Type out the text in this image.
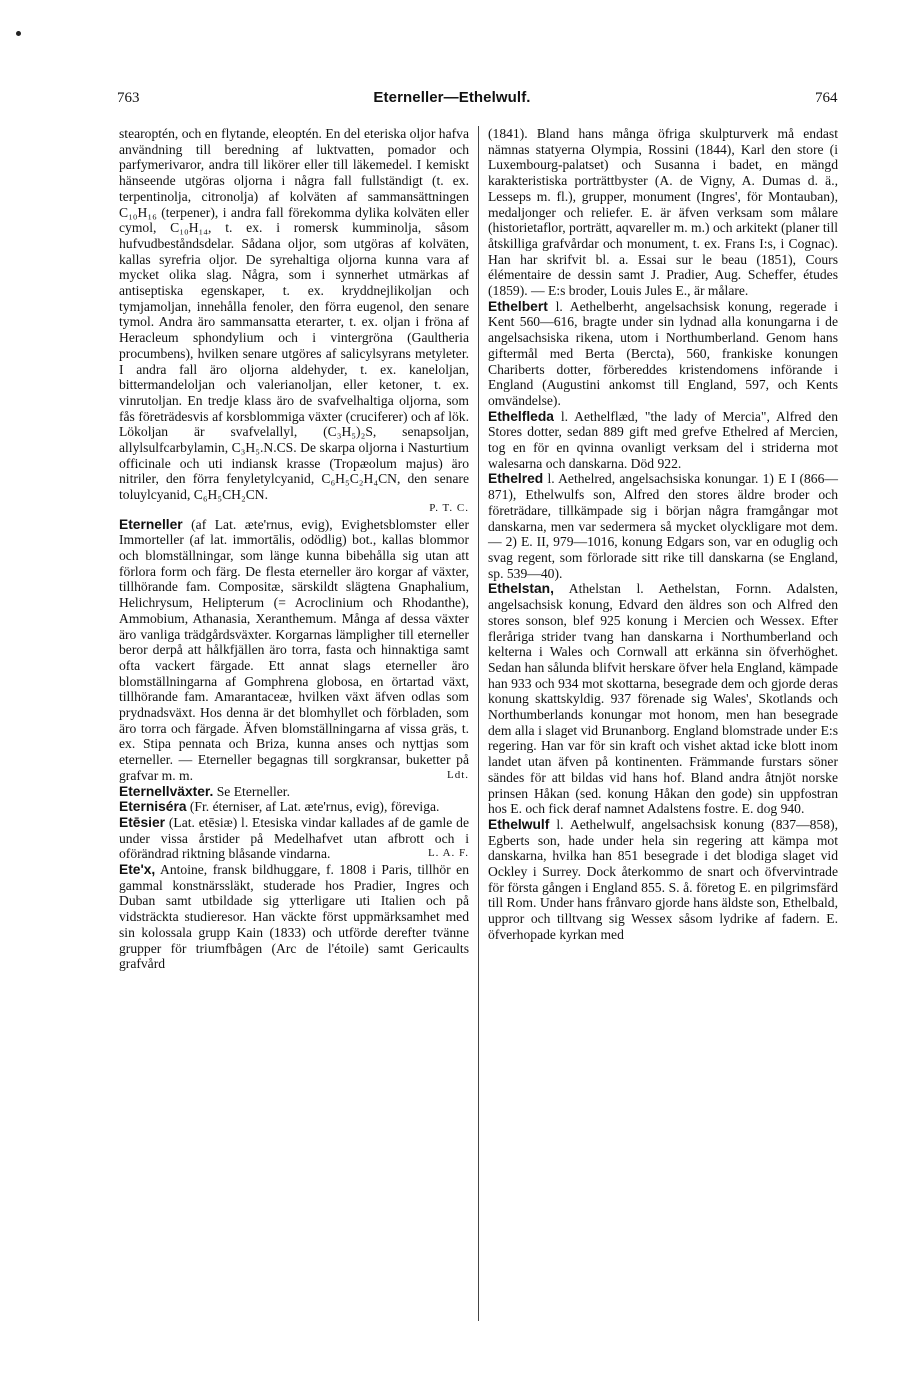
763	Eterneller—Ethelwulf.	764

stearoptén, och en flytande, eleoptén. En del eteriska oljor hafva användning till beredning af luktvatten, pomador och parfymerivaror, andra till likörer eller till läkemedel. I kemiskt hänseende utgöras oljorna i några fall fullständigt (t. ex. terpentinolja, citronolja) af kolväten af sammansättningen C₁₀H₁₆ (terpener), i andra fall förekomma dylika kolväten eller cymol, C₁₀H₁₄, t. ex. i romersk kumminolja, såsom hufvudbeståndsdelar. Sådana oljor, som utgöras af kolväten, kallas syrefria oljor. De syrehaltiga oljorna kunna vara af mycket olika slag. Några, som i synnerhet utmärkas af antiseptiska egenskaper, t. ex. kryddnejlikoljan och tymjamoljan, innehålla fenoler, den förra eugenol, den senare tymol. Andra äro sammansatta eterarter, t. ex. oljan i fröna af Heracleum sphondylium och i vintergröna (Gaultheria procumbens), hvilken senare utgöres af salicylsyrans metyleter. I andra fall äro oljorna aldehyder, t. ex. kaneloljan, bittermandeloljan och valerianoljan, eller ketoner, t. ex. vinrutoljan. En tredje klass äro de svafvelhaltiga oljorna, som fås företrädesvis af korsblommiga växter (cruciferer) och af lök. Lökoljan är svafvelallyl, (C₃H₅)₂S, senapsoljan, allylsulfcarbylamin, C₃H₅.N.CS. De skarpa oljorna i Nasturtium officinale och uti indiansk krasse (Tropæolum majus) äro nitriler, den förra fenyletylcyanid, C₆H₅C₂H₄CN, den senare toluylcyanid, C₆H₅CH₂CN.

P. T. C.

Eterneller (af Lat. æte'rnus, evig), Evighetsblomster eller Immorteller (af lat. immortālis, odödlig) bot., kallas blommor och blomställningar, som länge kunna bibehålla sig utan att förlora form och färg. De flesta eterneller äro korgar af växter, tillhörande fam. Compositæ, särskildt slägtena Gnaphalium, Helichrysum, Helipterum (= Acroclinium och Rhodanthe), Ammobium, Athanasia, Xeranthemum. Många af dessa växter äro vanliga trädgårdsväxter. Korgarnas lämpligher till eterneller beror derpå att hålkfjällen äro torra, fasta och hinnaktiga samt ofta vackert färgade. Ett annat slags eterneller äro blomställningarna af Gomphrena globosa, en örtartad växt, tillhörande fam. Amarantaceæ, hvilken växt äfven odlas som prydnadsväxt. Hos denna är det blomhyllet och förbladen, som äro torra och färgade. Äfven blomställningarna af vissa gräs, t. ex. Stipa pennata och Briza, kunna anses och nyttjas som eterneller. — Eterneller begagnas till sorgkransar, buketter på grafvar m. m.	Ldt.

Eternellväxter. Se Eterneller.

Eterniséra (Fr. éterniser, af Lat. æte'rnus, evig), föreviga.

Etēsier (Lat. etēsiæ) l. Etesiska vindar kallades af de gamle de under vissa årstider på Medelhafvet utan afbrott och i oförändrad riktning blåsande vindarna.	L. A. F.

Ete'x, Antoine, fransk bildhuggare, f. 1808 i Paris, tillhör en gammal konstnärssläkt, studerade hos Pradier, Ingres och Duban samt utbildade sig ytterligare uti Italien och på vidsträckta studieresor. Han väckte först uppmärksamhet med sin kolossala grupp Kain (1833) och utförde derefter tvänne grupper för triumfbågen (Arc de l'étoile) samt Gericaults grafvård

(1841). Bland hans många öfriga skulpturverk må endast nämnas statyerna Olympia, Rossini (1844), Karl den store (i Luxembourg-palatset) och Susanna i badet, en mängd karakteristiska porträttbyster (A. de Vigny, A. Dumas d. ä., Lesseps m. fl.), grupper, monument (Ingres', för Montauban), medaljonger och reliefer. E. är äfven verksam som målare (historietaflor, porträtt, aqvareller m. m.) och arkitekt (planer till åtskilliga grafvårdar och monument, t. ex. Frans I:s, i Cognac). Han har skrifvit bl. a. Essai sur le beau (1851), Cours élémentaire de dessin samt J. Pradier, Aug. Scheffer, études (1859). — E:s broder, Louis Jules E., är målare.

Ethelbert l. Aethelberht, angelsachsisk konung, regerade i Kent 560—616, bragte under sin lydnad alla konungarna i de angelsachsiska rikena, utom i Northumberland. Genom hans giftermål med Berta (Bercta), 560, frankiske konungen Chariberts dotter, förbereddes kristendomens införande i England (Augustini ankomst till England, 597, och Kents omvändelse).

Ethelfleda l. Aethelflæd, "the lady of Mercia", Alfred den Stores dotter, sedan 889 gift med grefve Ethelred af Mercien, tog en för en qvinna ovanligt verksam del i striderna mot walesarna och danskarna. Död 922.

Ethelred l. Aethelred, angelsachsiska konungar. 1) E I (866—871), Ethelwulfs son, Alfred den stores äldre broder och företrädare, tillkämpade sig i början några framgångar mot danskarna, men var sedermera så mycket olyckligare mot dem. — 2) E. II, 979—1016, konung Edgars son, var en oduglig och svag regent, som förlorade sitt rike till danskarna (se England, sp. 539—40).

Ethelstan, Athelstan l. Aethelstan, Fornn. Adalsten, angelsachsisk konung, Edvard den äldres son och Alfred den stores sonson, blef 925 konung i Mercien och Wessex. Efter fleråriga strider tvang han danskarna i Northumberland och kelterna i Wales och Cornwall att erkänna sin öfverhöghet. Sedan han sålunda blifvit herskare öfver hela England, kämpade han 933 och 934 mot skottarna, besegrade dem och gjorde deras konung skattskyldig. 937 förenade sig Wales', Skotlands och Northumberlands konungar mot honom, men han besegrade dem alla i slaget vid Brunanborg. England blomstrade under E:s regering. Han var för sin kraft och vishet aktad icke blott inom landet utan äfven på kontinenten. Främmande furstars söner sändes för att bildas vid hans hof. Bland andra åtnjöt norske prinsen Håkan (sed. konung Håkan den gode) sin uppfostran hos E. och fick deraf namnet Adalstens fostre. E. dog 940.

Ethelwulf l. Aethelwulf, angelsachsisk konung (837—858), Egberts son, hade under hela sin regering att kämpa mot danskarna, hvilka han 851 besegrade i det blodiga slaget vid Ockley i Surrey. Dock återkommo de snart och öfvervintrade för första gången i England 855. S. å. företog E. en pilgrimsfärd till Rom. Under hans frånvaro gjorde hans äldste son, Ethelbald, uppror och tilltvang sig Wessex såsom lydrike af fadern. E. öfverhopade kyrkan med
